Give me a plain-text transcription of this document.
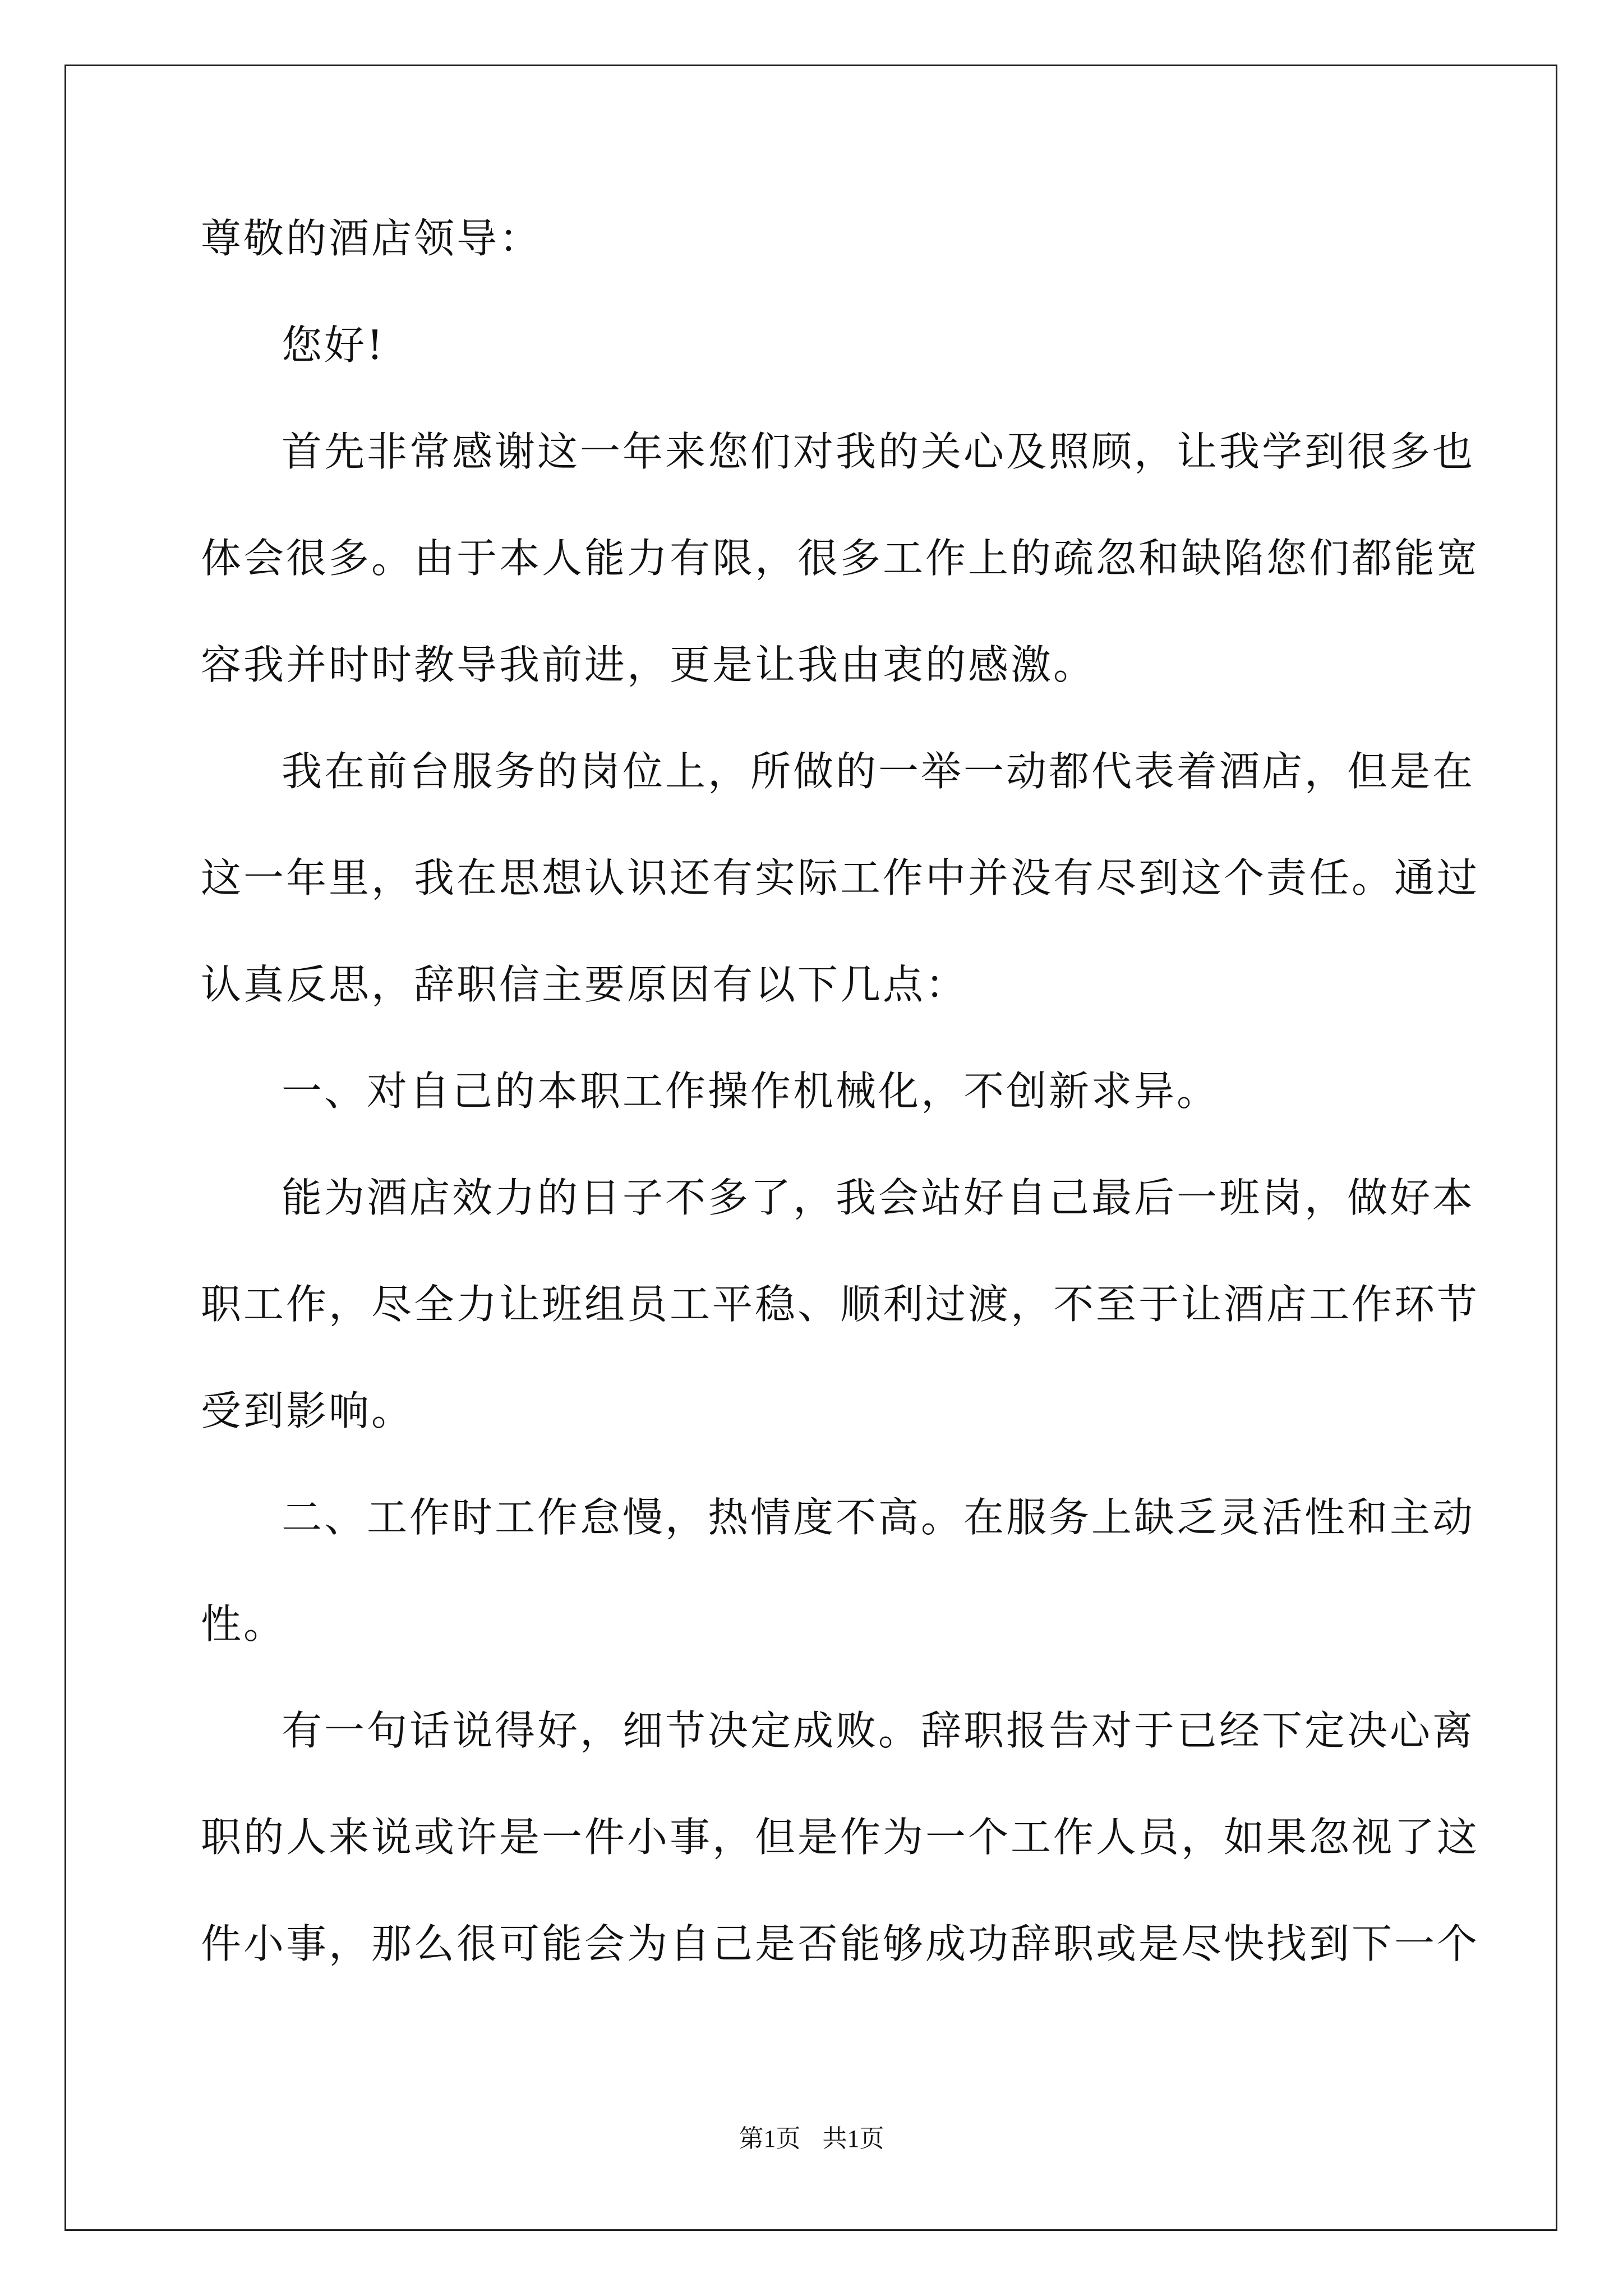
尊敬的酒店领导：
您好!
首先非常感谢这一年来您们对我的关心及照顾，让我学到很多也
体会很多。由于本人能力有限，很多工作上的疏忽和缺陷您们都能宽
容我并时时教导我前进，更是让我由衷的感激。
我在前台服务的岗位上，所做的一举一动都代表着酒店，但是在
这一年里，我在思想认识还有实际工作中并没有尽到这个责任。通过
认真反思，辞职信主要原因有以下几点：
一、对自己的本职工作操作机械化，不创新求异。
能为酒店效力的日子不多了，我会站好自己最后一班岗，做好本
职工作，尽全力让班组员工平稳、顺利过渡，不至于让酒店工作环节
受到影响。
二、工作时工作怠慢，热情度不高。在服务上缺乏灵活性和主动
性。
有一句话说得好，细节决定成败。辞职报告对于已经下定决心离
职的人来说或许是一件小事，但是作为一个工作人员，如果忽视了这
件小事，那么很可能会为自己是否能够成功辞职或是尽快找到下一个
第1页 共1页
